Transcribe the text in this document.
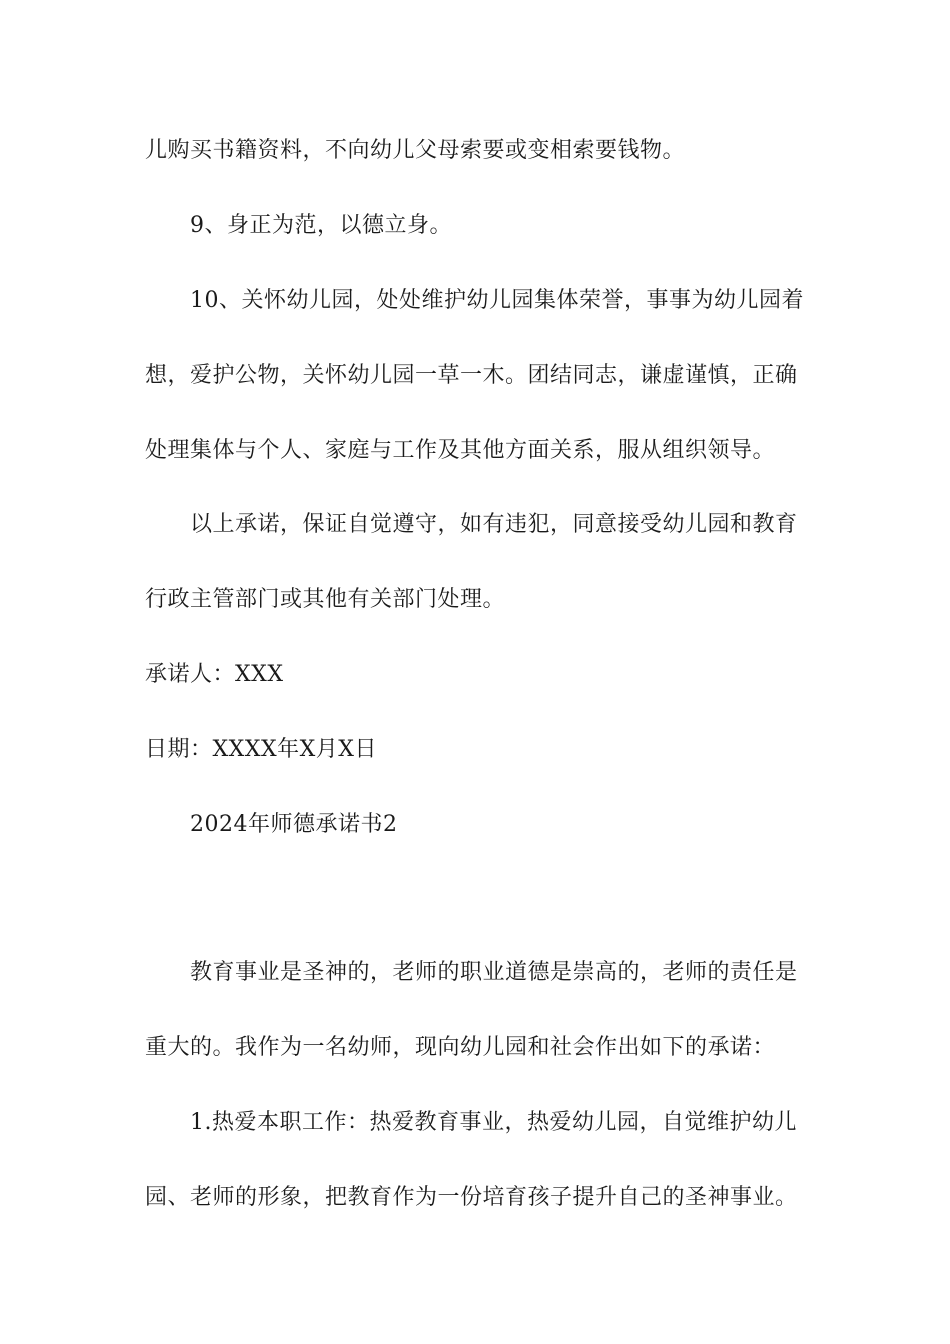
儿购买书籍资料，不向幼儿父母索要或变相索要钱物。
9、身正为范，以德立身。
10、关怀幼儿园，处处维护幼儿园集体荣誉，事事为幼儿园着
想，爱护公物，关怀幼儿园一草一木。团结同志，谦虚谨慎，正确
处理集体与个人、家庭与工作及其他方面关系，服从组织领导。
以上承诺，保证自觉遵守，如有违犯，同意接受幼儿园和教育
行政主管部门或其他有关部门处理。
承诺人：XXX
日期：XXXX年X月X日
2024年师德承诺书2
教育事业是圣神的，老师的职业道德是崇高的，老师的责任是
重大的。我作为一名幼师，现向幼儿园和社会作出如下的承诺：
1.热爱本职工作：热爱教育事业，热爱幼儿园，自觉维护幼儿
园、老师的形象，把教育作为一份培育孩子提升自己的圣神事业。
